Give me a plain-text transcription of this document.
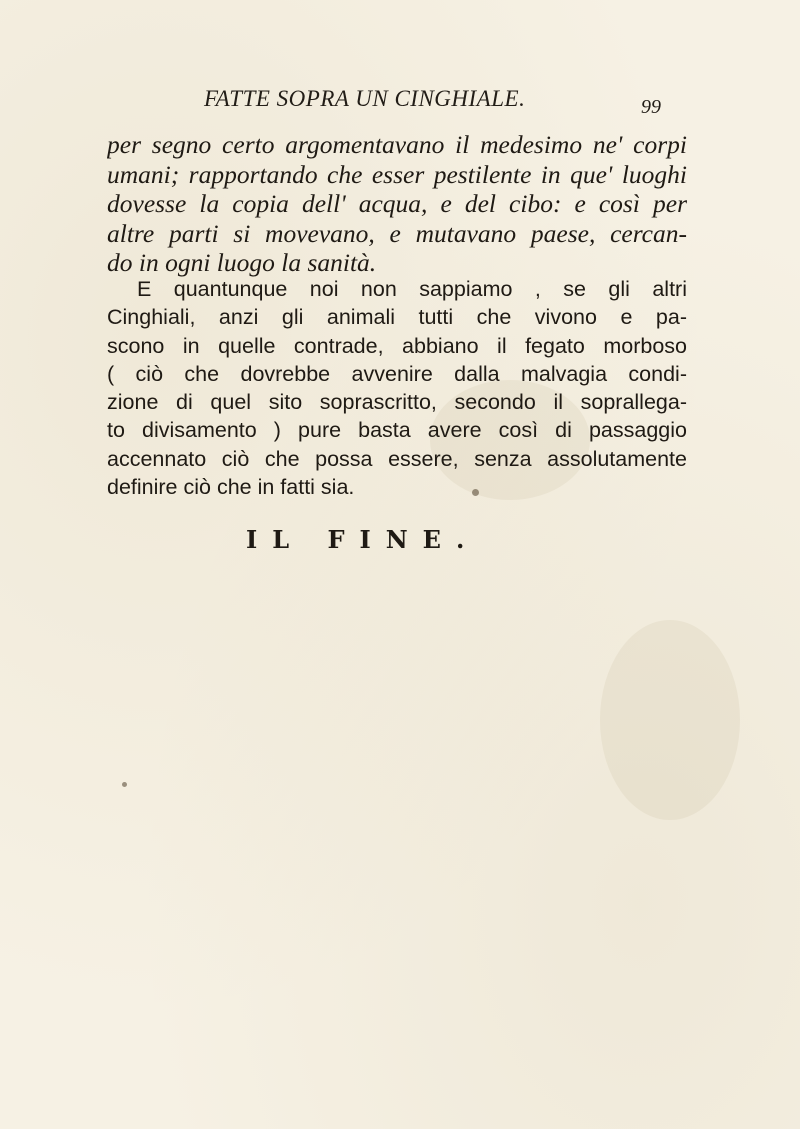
FATTE SOPRA UN CINGHIALE.	99
per segno certo argomentavano il medesimo ne' corpi
umani; rapportando che esser pestilente in que' luoghi
dovesse la copia dell' acqua, e del cibo: e così per
altre parti si movevano, e mutavano paese, cercan-
do in ogni luogo la sanità.
E quantunque noi non sappiamo , se gli altri
Cinghiali, anzi gli animali tutti che vivono e pa-
scono in quelle contrade, abbiano il fegato morboso
( ciò che dovrebbe avvenire dalla malvagia condi-
zione di quel sito soprascritto, secondo il soprallega-
to divisamento ) pure basta avere così di passaggio
accennato ciò che possa essere, senza assolutamente
definire ciò che in fatti sia.
IL FINE.
